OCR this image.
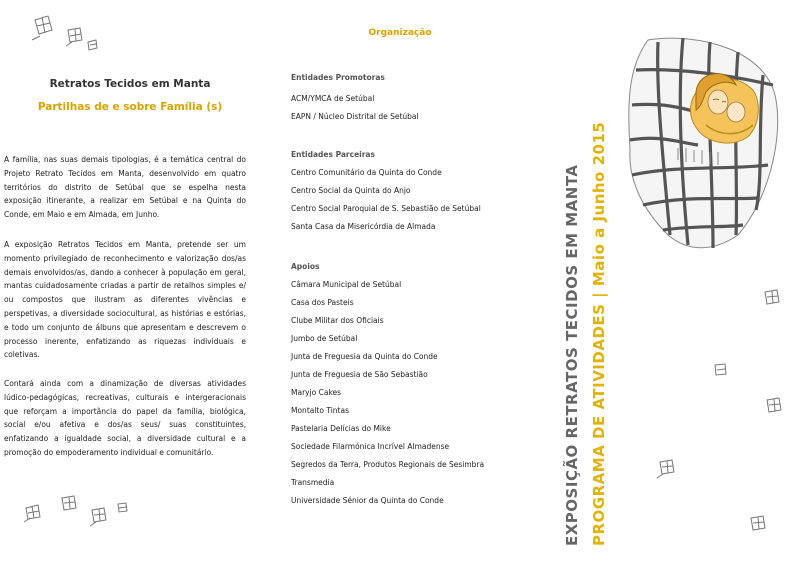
Retratos Tecidos em Manta
Partilhas de e sobre Família (s)

A família, nas suas demais tipologias, é a temática central do Projeto Retrato Tecidos em Manta, desenvolvido em quatro territórios do distrito de Setúbal que se espelha nesta exposição itinerante, a realizar em Setúbal e na Quinta do Conde, em Maio e em Almada, em Junho.

A exposição Retratos Tecidos em Manta, pretende ser um momento privilegiado de reconhecimento e valorização dos/as demais envolvidos/as, dando a conhecer à população em geral, mantas cuidadosamente criadas a partir de retalhos simples e/ ou compostos que ilustram as diferentes vivências e perspetivas, a diversidade sociocultural, as histórias e estórias, e todo um conjunto de álbuns que apresentam e descrevem o processo inerente, enfatizando as riquezas individuais e coletivas.

Contará ainda com a dinamização de diversas atividades lúdico-pedagógicas, recreativas, culturais e intergeracionais que reforçam a importância do papel da família, biológica, social e/ou afetiva e dos/as seus/ suas constituintes, enfatizando a igualdade social, a diversidade cultural e a promoção do empoderamento individual e comunitário.

Organização
Entidades Promotoras
ACM/YMCA de Setúbal
EAPN / Núcleo Distrital de Setúbal
Entidades Parceiras
Centro Comunitário da Quinta do Conde
Centro Social da Quinta do Anjo
Centro Social Paroquial de S. Sebastião de Setúbal
Santa Casa da Misericórdia de Almada
Apoios
Câmara Municipal de Setúbal
Casa dos Pasteis
Clube Militar dos Oficiais
Jumbo de Setúbal
Junta de Freguesia da Quinta do Conde
Junta de Freguesia de São Sebastião
Maryjo Cakes
Montalto Tintas
Pastelaria Delícias do Mike
Sociedade Filarmónica Incrível Almadense
Segredos da Terra, Produtos Regionais de Sesimbra
Transmedia
Universidade Sénior da Quinta do Conde	EXPOSIÇÃO RETRATOS TECIDOS EM MANTA PROGRAMA DE ATIVIDADES | Maio a Junho 2015
